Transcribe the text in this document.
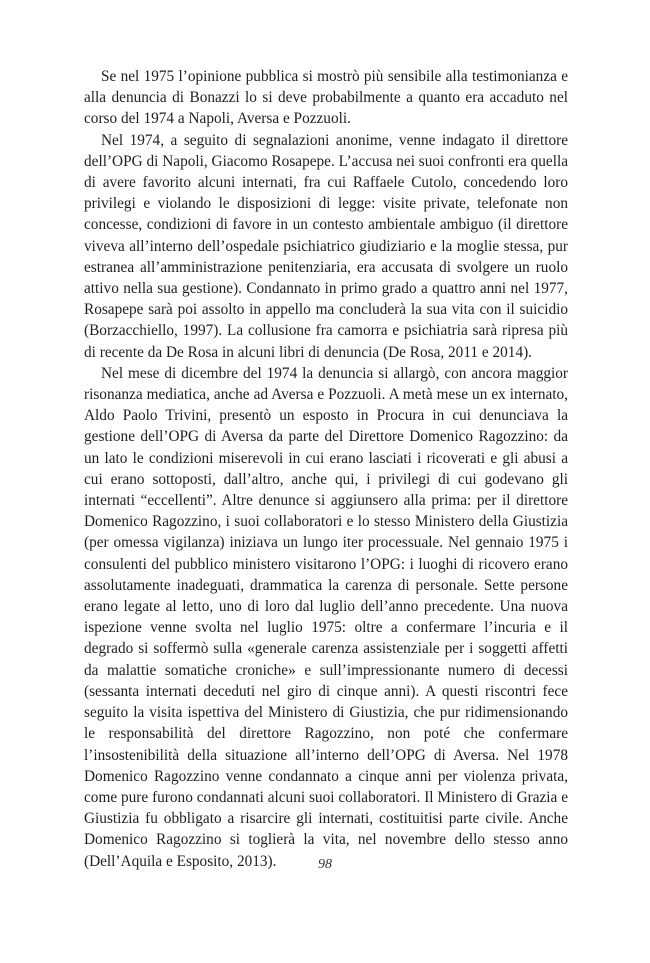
Se nel 1975 l’opinione pubblica si mostrò più sensibile alla testimonianza e alla denuncia di Bonazzi lo si deve probabilmente a quanto era accaduto nel corso del 1974 a Napoli, Aversa e Pozzuoli.

Nel 1974, a seguito di segnalazioni anonime, venne indagato il direttore dell’OPG di Napoli, Giacomo Rosapepe. L’accusa nei suoi confronti era quella di avere favorito alcuni internati, fra cui Raffaele Cutolo, concedendo loro privilegi e violando le disposizioni di legge: visite private, telefonate non concesse, condizioni di favore in un contesto ambientale ambiguo (il direttore viveva all’interno dell’ospedale psichiatrico giudiziario e la moglie stessa, pur estranea all’amministrazione penitenziaria, era accusata di svolgere un ruolo attivo nella sua gestione). Condannato in primo grado a quattro anni nel 1977, Rosapepe sarà poi assolto in appello ma concluderà la sua vita con il suicidio (Borzacchiello, 1997). La collusione fra camorra e psichiatria sarà ripresa più di recente da De Rosa in alcuni libri di denuncia (De Rosa, 2011 e 2014).

Nel mese di dicembre del 1974 la denuncia si allargò, con ancora maggior risonanza mediatica, anche ad Aversa e Pozzuoli. A metà mese un ex internato, Aldo Paolo Trivini, presentò un esposto in Procura in cui denunciava la gestione dell’OPG di Aversa da parte del Direttore Domenico Ragozzino: da un lato le condizioni miserevoli in cui erano lasciati i ricoverati e gli abusi a cui erano sottoposti, dall’altro, anche qui, i privilegi di cui godevano gli internati “eccellenti”. Altre denunce si aggiunsero alla prima: per il direttore Domenico Ragozzino, i suoi collaboratori e lo stesso Ministero della Giustizia (per omessa vigilanza) iniziava un lungo iter processuale. Nel gennaio 1975 i consulenti del pubblico ministero visitarono l’OPG: i luoghi di ricovero erano assolutamente inadeguati, drammatica la carenza di personale. Sette persone erano legate al letto, uno di loro dal luglio dell’anno precedente. Una nuova ispezione venne svolta nel luglio 1975: oltre a confermare l’incuria e il degrado si soffermò sulla «generale carenza assistenziale per i soggetti affetti da malattie somatiche croniche» e sull’impressionante numero di decessi (sessanta internati deceduti nel giro di cinque anni). A questi riscontri fece seguito la visita ispettiva del Ministero di Giustizia, che pur ridimensionando le responsabilità del direttore Ragozzino, non poté che confermare l’insostenibilità della situazione all’interno dell’OPG di Aversa. Nel 1978 Domenico Ragozzino venne condannato a cinque anni per violenza privata, come pure furono condannati alcuni suoi collaboratori. Il Ministero di Grazia e Giustizia fu obbligato a risarcire gli internati, costituitisi parte civile. Anche Domenico Ragozzino si toglierà la vita, nel novembre dello stesso anno (Dell’Aquila e Esposito, 2013).	98
